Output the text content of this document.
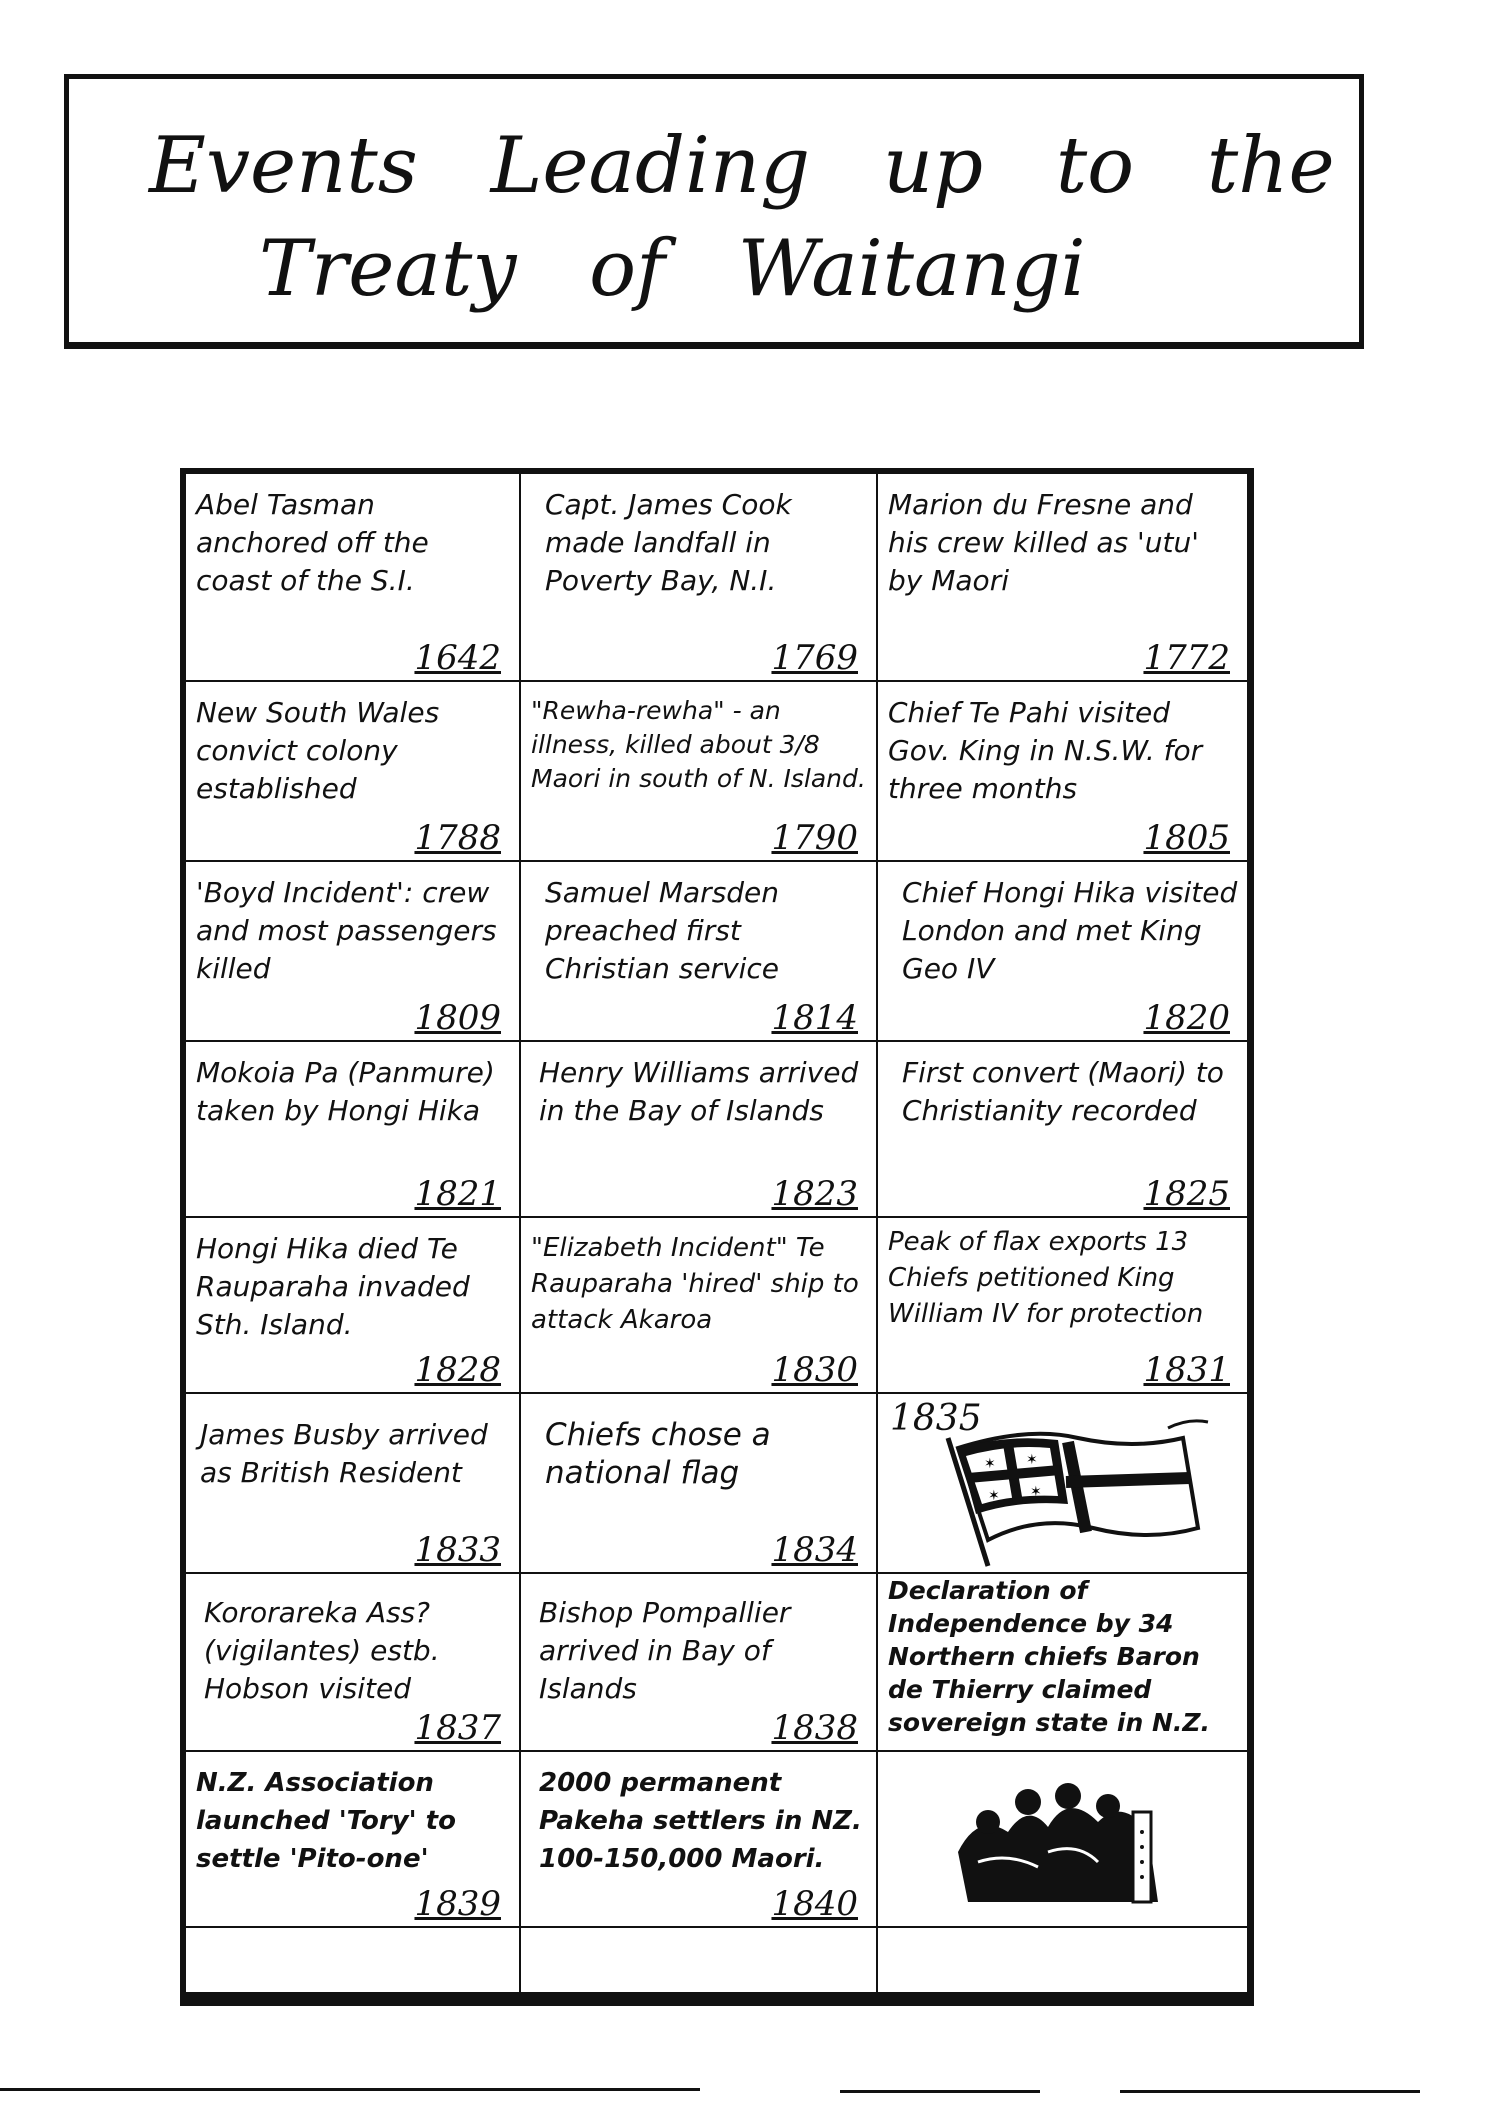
Events Leading up to the
Treaty of Waitangi
Abel Tasman anchored off the coast of the S.I.
1642
Capt. James Cook made landfall in Poverty Bay, N.I.
1769
Marion du Fresne and his crew killed as 'utu' by Maori
1772
New South Wales convict colony established
1788
"Rewha-rewha" - an illness, killed about 3/8 Maori in south of N. Island.
1790
Chief Te Pahi visited Gov. King in N.S.W. for three months
1805
'Boyd Incident': crew and most passengers killed
1809
Samuel Marsden preached first Christian service
1814
Chief Hongi Hika visited London and met King Geo IV
1820
Mokoia Pa (Panmure) taken by Hongi Hika
1821
Henry Williams arrived in the Bay of Islands
1823
First convert (Maori) to Christianity recorded
1825
Hongi Hika died Te Rauparaha invaded Sth. Island.
1828
"Elizabeth Incident" Te Rauparaha 'hired' ship to attack Akaroa
1830
Peak of flax exports 13 Chiefs petitioned King William IV for protection
1831
James Busby arrived as British Resident
1833
Chiefs chose a national flag
1834
1835
✶ ✶
✶ ✶
Kororareka Ass? (vigilantes) estb. Hobson visited
1837
Bishop Pompallier arrived in Bay of Islands
1838
Declaration of Independence by 34 Northern chiefs Baron de Thierry claimed sovereign state in N.Z.
N.Z. Association launched 'Tory' to settle 'Pito-one'
1839
2000 permanent Pakeha settlers in NZ. 100-150,000 Maori.
1840
